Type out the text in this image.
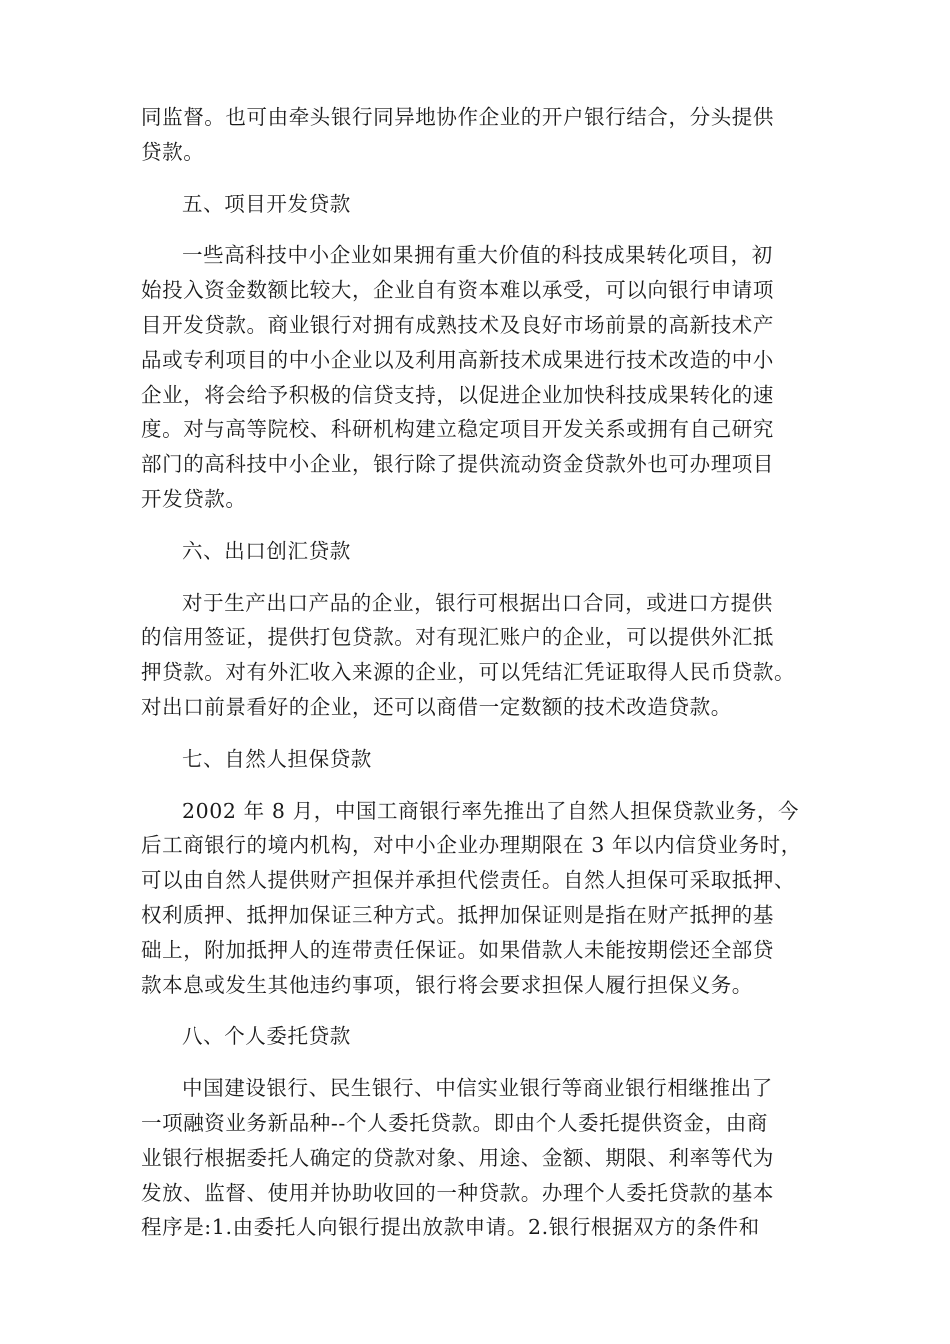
同监督。也可由牵头银行同异地协作企业的开户银行结合，分头提供
贷款。
五、项目开发贷款
一些高科技中小企业如果拥有重大价值的科技成果转化项目，初
始投入资金数额比较大，企业自有资本难以承受，可以向银行申请项
目开发贷款。商业银行对拥有成熟技术及良好市场前景的高新技术产
品或专利项目的中小企业以及利用高新技术成果进行技术改造的中小
企业，将会给予积极的信贷支持，以促进企业加快科技成果转化的速
度。对与高等院校、科研机构建立稳定项目开发关系或拥有自己研究
部门的高科技中小企业，银行除了提供流动资金贷款外也可办理项目
开发贷款。
六、出口创汇贷款
对于生产出口产品的企业，银行可根据出口合同，或进口方提供
的信用签证，提供打包贷款。对有现汇账户的企业，可以提供外汇抵
押贷款。对有外汇收入来源的企业，可以凭结汇凭证取得人民币贷款。
对出口前景看好的企业，还可以商借一定数额的技术改造贷款。
七、自然人担保贷款
2002 年 8 月，中国工商银行率先推出了自然人担保贷款业务，今
后工商银行的境内机构，对中小企业办理期限在 3 年以内信贷业务时，
可以由自然人提供财产担保并承担代偿责任。自然人担保可采取抵押、
权利质押、抵押加保证三种方式。抵押加保证则是指在财产抵押的基
础上，附加抵押人的连带责任保证。如果借款人未能按期偿还全部贷
款本息或发生其他违约事项，银行将会要求担保人履行担保义务。
八、个人委托贷款
中国建设银行、民生银行、中信实业银行等商业银行相继推出了
一项融资业务新品种--个人委托贷款。即由个人委托提供资金，由商
业银行根据委托人确定的贷款对象、用途、金额、期限、利率等代为
发放、监督、使用并协助收回的一种贷款。办理个人委托贷款的基本
程序是:1.由委托人向银行提出放款申请。2.银行根据双方的条件和
